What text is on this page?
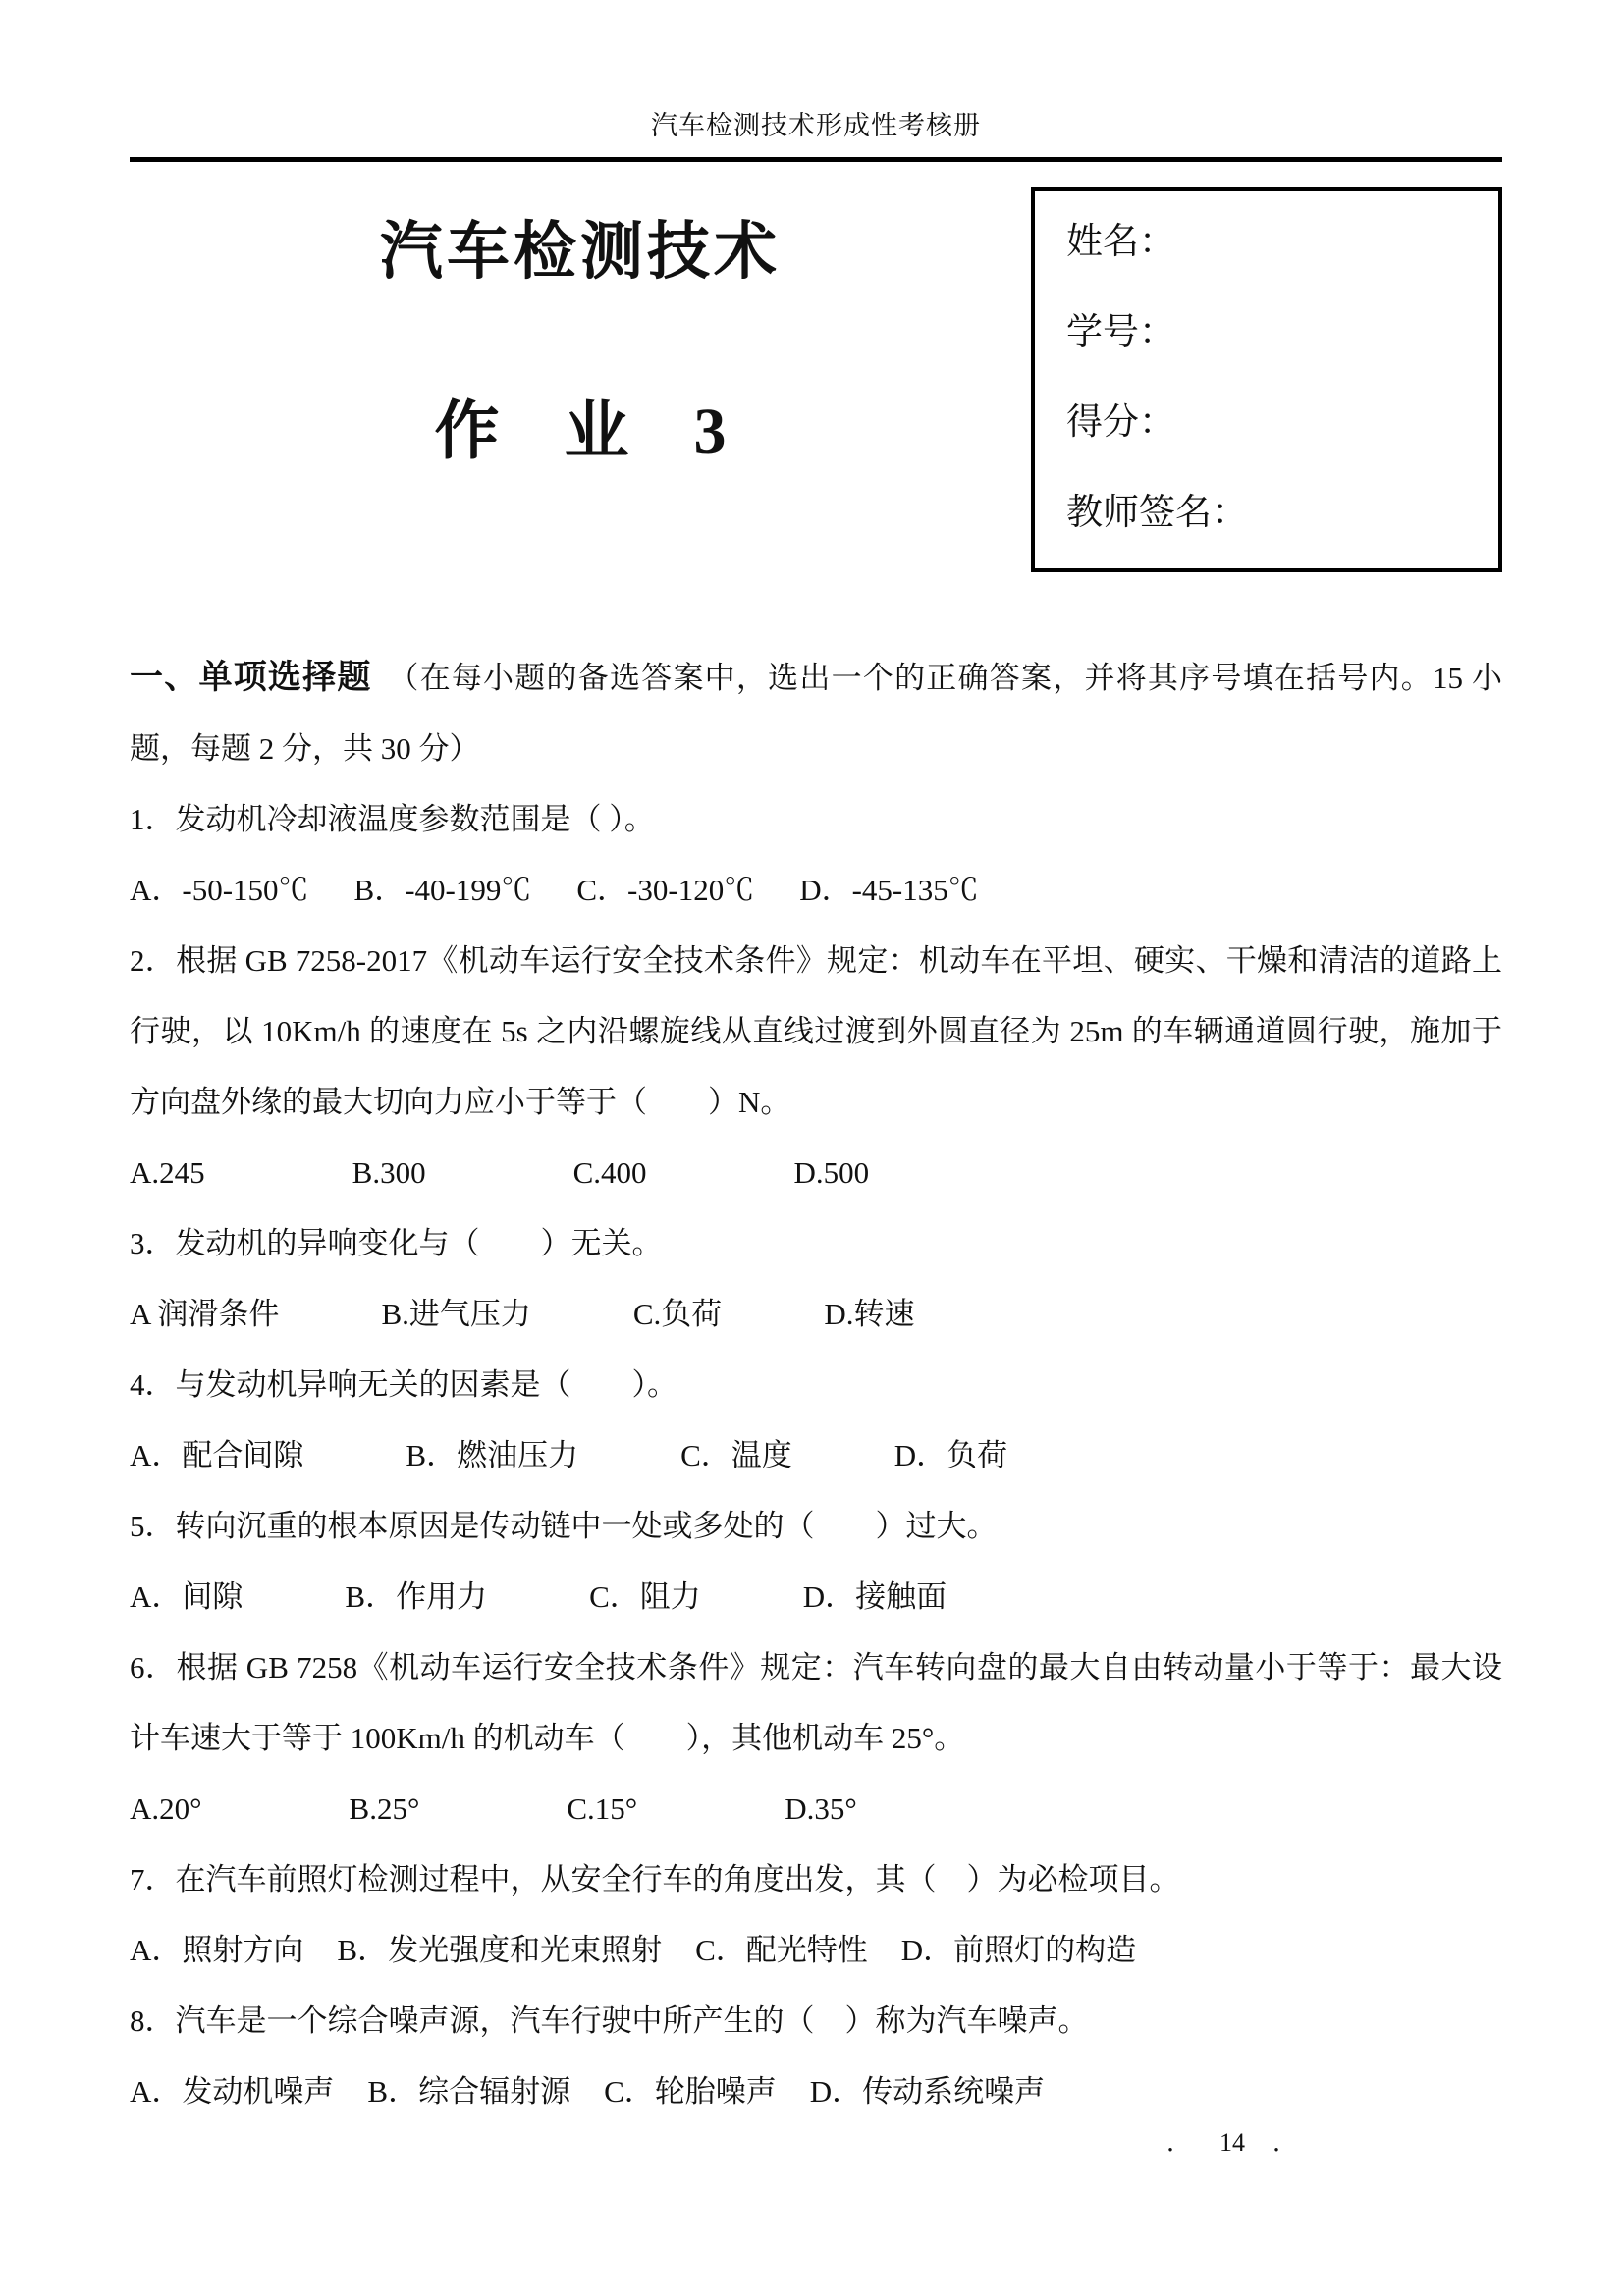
汽车检测技术形成性考核册
汽车检测技术
作　业　3
姓名：
学号：
得分：
教师签名：

一、单项选择题　（在每小题的备选答案中，选出一个的正确答案，并将其序号填在括号内。15 小题，每题 2 分，共 30 分）

1．发动机冷却液温度参数范围是（ ）。

A．-50-150℃ B．-40-199℃ C．-30-120℃ D．-45-135℃

2．根据 GB 7258-2017《机动车运行安全技术条件》规定：机动车在平坦、硬实、干燥和清洁的道路上行驶，以 10Km/h 的速度在 5s 之内沿螺旋线从直线过渡到外圆直径为 25m 的车辆通道圆行驶，施加于方向盘外缘的最大切向力应小于等于（　　）N。

A.245	B.300	C.400	D.500

3．发动机的异响变化与（　　）无关。

A 润滑条件	B.进气压力	C.负荷	D.转速

4．与发动机异响无关的因素是（　　）。

A．配合间隙	B．燃油压力	C．温度	D．负荷

5．转向沉重的根本原因是传动链中一处或多处的（　　）过大。

A．间隙	B．作用力	C．阻力	D．接触面

6．根据 GB 7258《机动车运行安全技术条件》规定：汽车转向盘的最大自由转动量小于等于：最大设计车速大于等于 100Km/h 的机动车（　　），其他机动车 25°。

A.20°	B.25°	C.15°	D.35°

7．在汽车前照灯检测过程中，从安全行车的角度出发，其（　）为必检项目。

A．照射方向 B．发光强度和光束照射 C．配光特性 D．前照灯的构造

8．汽车是一个综合噪声源，汽车行驶中所产生的（　）称为汽车噪声。

A．发动机噪声 B．综合辐射源 C．轮胎噪声 D．传动系统噪声

． 14 ．
